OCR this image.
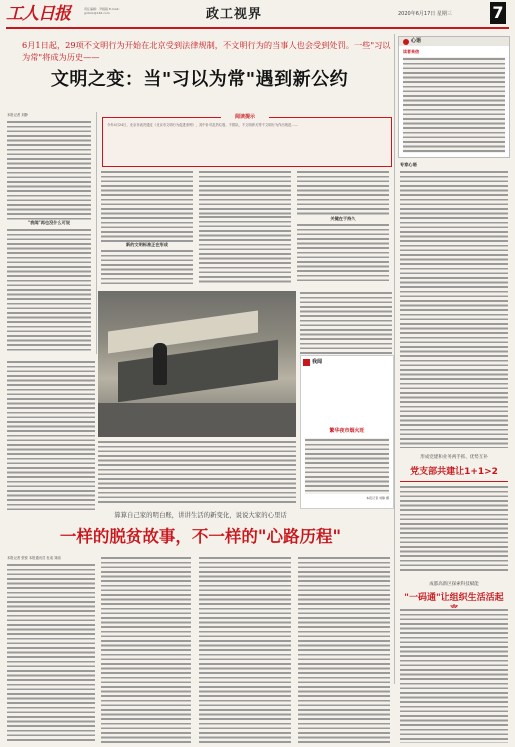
工人日报	责任编辑：尹娟娟 E-mail：grrbzx@126.com	政工视界	2020年6月17日 星期三	7
6月1日起，29项不文明行为开始在北京受到法律规制，不文明行为的当事人也会受到处罚。一些"习以为常"将成为历史——
文明之变：当"习以为常"遇到新公约
本报记者 刘静
"我闻"再也没什么可说
阅读提示
今年4月24日，北京市表决通过《北京市文明行为促进条例》，其中针对乱扔垃圾、不排队、不文明养犬等不文明行为作出规范……
新的文明标准正在形成
关键在于持久
我闻
繁华夜市烟火旺
本报记者 刘静 摄
心语
读者来信
专家心语
形成党建和业务两手抓、优势互补
党支部共建让1+1>2
成都高新区探索科技赋能
"一码通"让组织生活活起
算算自己家的明白账，讲讲生活的新变化，说说大家的心里话
一样的脱贫故事，不一样的"心路历程"
本报记者 张锐 本报通讯员 杜成 刘丽
